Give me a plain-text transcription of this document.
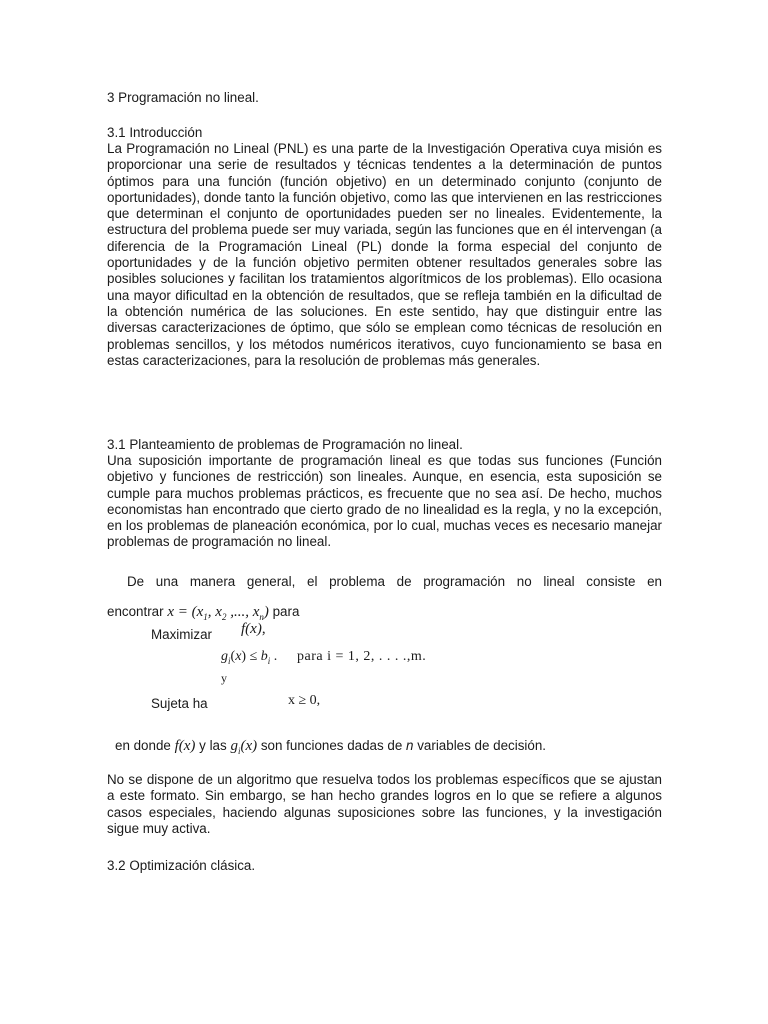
3 Programación no lineal.
3.1 Introducción
La Programación no Lineal (PNL) es una parte de la Investigación Operativa cuya misión es proporcionar una serie de resultados y técnicas tendentes a la determinación de puntos óptimos para una función (función objetivo) en un determinado conjunto (conjunto de oportunidades), donde tanto la función objetivo, como las que intervienen en las restricciones que determinan el conjunto de oportunidades pueden ser no lineales. Evidentemente, la estructura del problema puede ser muy variada, según las funciones que en él intervengan (a diferencia de la Programación Lineal (PL) donde la forma especial del conjunto de oportunidades y de la función objetivo permiten obtener resultados generales sobre las posibles soluciones y facilitan los tratamientos algorítmicos de los problemas). Ello ocasiona una mayor dificultad en la obtención de resultados, que se refleja también en la dificultad de la obtención numérica de las soluciones. En este sentido, hay que distinguir entre las diversas caracterizaciones de óptimo, que sólo se emplean como técnicas de resolución en problemas sencillos, y los métodos numéricos iterativos, cuyo funcionamiento se basa en estas caracterizaciones, para la resolución de problemas más generales.
3.1 Planteamiento de problemas de Programación no lineal.
Una suposición importante de programación lineal es que todas sus funciones (Función objetivo y funciones de restricción) son lineales. Aunque, en esencia, esta suposición se cumple para muchos problemas prácticos, es frecuente que no sea así. De hecho, muchos economistas han encontrado que cierto grado de no linealidad es la regla, y no la excepción, en los problemas de planeación económica, por lo cual, muchas veces es necesario manejar problemas de programación no lineal.
De una manera general, el problema de programación no lineal consiste en
encontrar $x = (x_1$, $x_2$ ,..., $x_n$) para
Maximizar f(x),
$g_i(x) \le b_i$ . para i = 1, 2, . . . .,m.
y
Sujeta ha	x ≥ 0,
en donde f(x) y las $g_i(x)$ son funciones dadas de n variables de decisión.
No se dispone de un algoritmo que resuelva todos los problemas específicos que se ajustan a este formato. Sin embargo, se han hecho grandes logros en lo que se refiere a algunos casos especiales, haciendo algunas suposiciones sobre las funciones, y la investigación sigue muy activa.
3.2 Optimización clásica.
